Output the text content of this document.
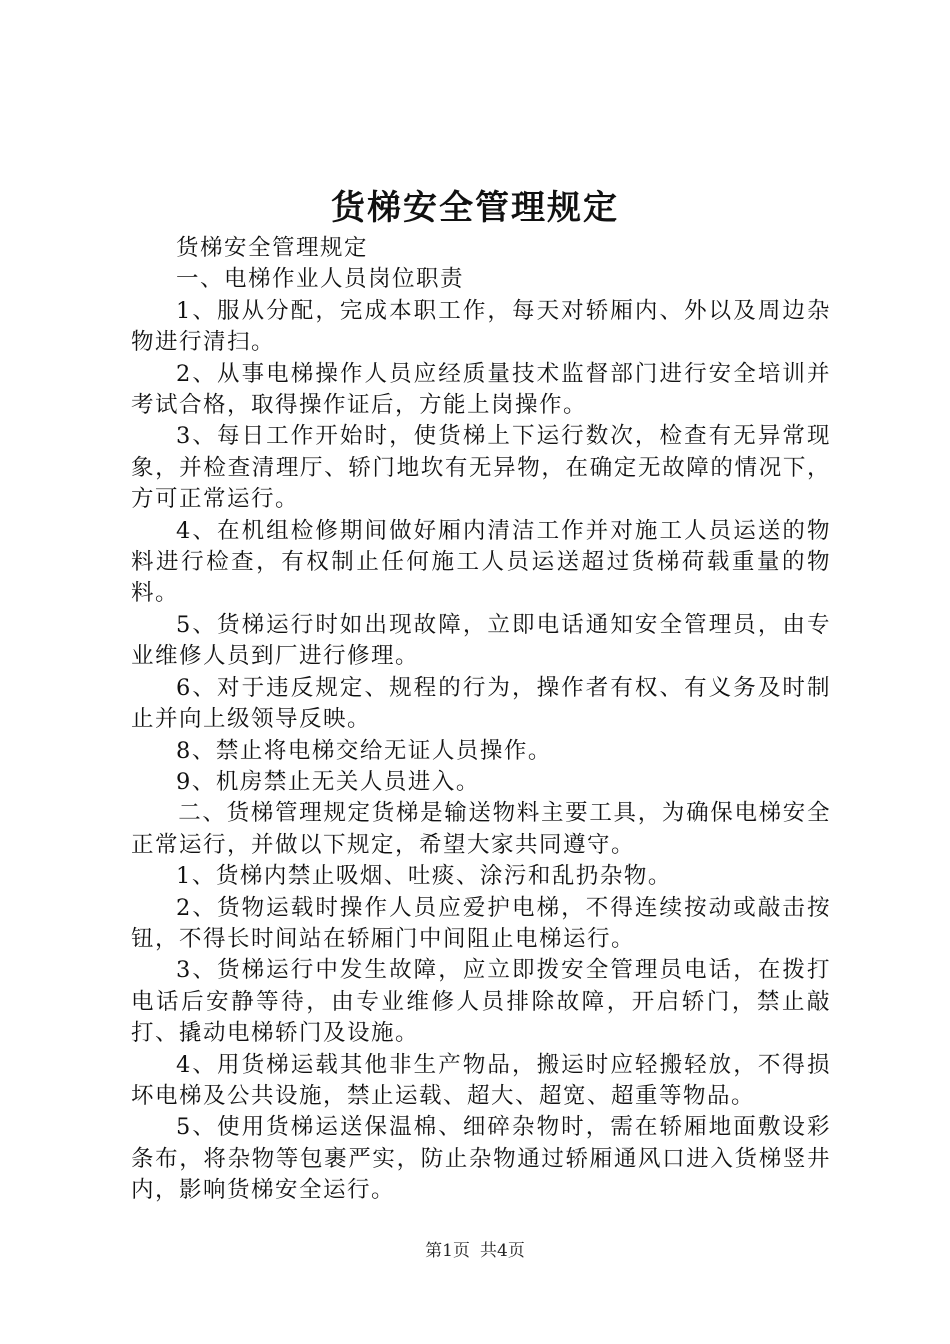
货梯安全管理规定

货梯安全管理规定

一、电梯作业人员岗位职责

1、服从分配，完成本职工作，每天对轿厢内、外以及周边杂物进行清扫。

2、从事电梯操作人员应经质量技术监督部门进行安全培训并考试合格，取得操作证后，方能上岗操作。

3、每日工作开始时，使货梯上下运行数次，检查有无异常现象，并检查清理厅、轿门地坎有无异物，在确定无故障的情况下，方可正常运行。

4、在机组检修期间做好厢内清洁工作并对施工人员运送的物料进行检查，有权制止任何施工人员运送超过货梯荷载重量的物料。

5、货梯运行时如出现故障，立即电话通知安全管理员，由专业维修人员到厂进行修理。

6、对于违反规定、规程的行为，操作者有权、有义务及时制止并向上级领导反映。

8、禁止将电梯交给无证人员操作。

9、机房禁止无关人员进入。

二、货梯管理规定货梯是输送物料主要工具，为确保电梯安全正常运行，并做以下规定，希望大家共同遵守。

1、货梯内禁止吸烟、吐痰、涂污和乱扔杂物。

2、货物运载时操作人员应爱护电梯，不得连续按动或敲击按钮，不得长时间站在轿厢门中间阻止电梯运行。

3、货梯运行中发生故障，应立即拨安全管理员电话，在拨打电话后安静等待，由专业维修人员排除故障，开启轿门，禁止敲打、撬动电梯轿门及设施。

4、用货梯运载其他非生产物品，搬运时应轻搬轻放，不得损坏电梯及公共设施，禁止运载、超大、超宽、超重等物品。

5、使用货梯运送保温棉、细碎杂物时，需在轿厢地面敷设彩条布，将杂物等包裹严实，防止杂物通过轿厢通风口进入货梯竖井内，影响货梯安全运行。

第1页 共4页
